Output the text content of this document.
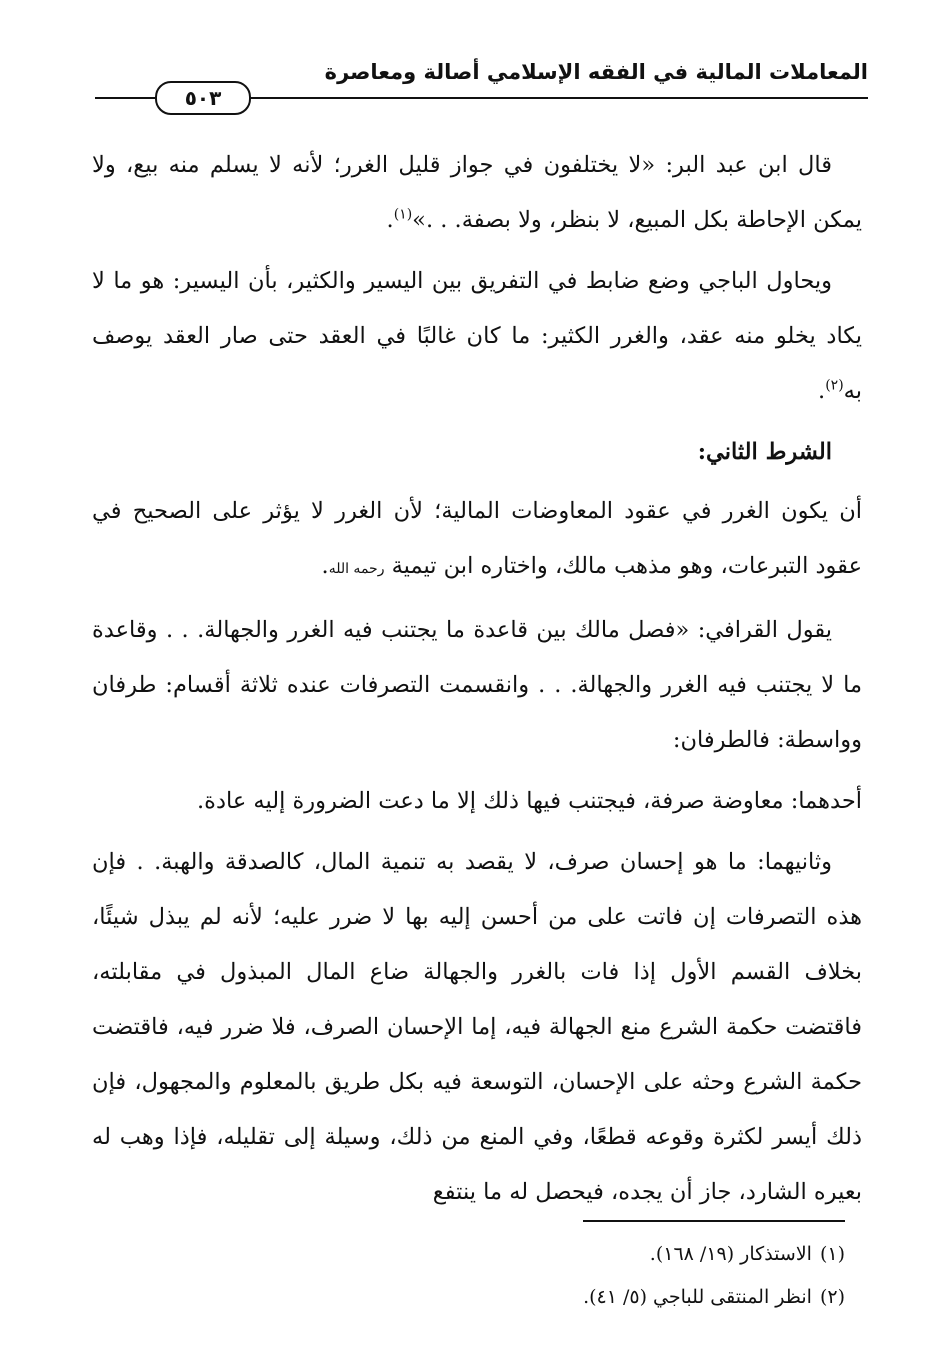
المعاملات المالية في الفقه الإسلامي أصالة ومعاصرة
٥٠٣

قال ابن عبد البر: «لا يختلفون في جواز قليل الغرر؛ لأنه لا يسلم منه بيع، ولا يمكن الإحاطة بكل المبيع، لا بنظر، ولا بصفة. . .»$^{(١)}$.

ويحاول الباجي وضع ضابط في التفريق بين اليسير والكثير، بأن اليسير: هو ما لا يكاد يخلو منه عقد، والغرر الكثير: ما كان غالبًا في العقد حتى صار العقد يوصف به$^{(٢)}$.

الشرط الثاني:

أن يكون الغرر في عقود المعاوضات المالية؛ لأن الغرر لا يؤثر على الصحيح في عقود التبرعات، وهو مذهب مالك، واختاره ابن تيمية رحمه الله.

يقول القرافي: «فصل مالك بين قاعدة ما يجتنب فيه الغرر والجهالة. . . وقاعدة ما لا يجتنب فيه الغرر والجهالة. . . وانقسمت التصرفات عنده ثلاثة أقسام: طرفان وواسطة: فالطرفان:

أحدهما: معاوضة صرفة، فيجتنب فيها ذلك إلا ما دعت الضرورة إليه عادة.

وثانيهما: ما هو إحسان صرف، لا يقصد به تنمية المال، كالصدقة والهبة. . فإن هذه التصرفات إن فاتت على من أحسن إليه بها لا ضرر عليه؛ لأنه لم يبذل شيئًا، بخلاف القسم الأول إذا فات بالغرر والجهالة ضاع المال المبذول في مقابلته، فاقتضت حكمة الشرع منع الجهالة فيه، إما الإحسان الصرف، فلا ضرر فيه، فاقتضت حكمة الشرع وحثه على الإحسان، التوسعة فيه بكل طريق بالمعلوم والمجهول، فإن ذلك أيسر لكثرة وقوعه قطعًا، وفي المنع من ذلك، وسيلة إلى تقليله، فإذا وهب له بعيره الشارد، جاز أن يجده، فيحصل له ما ينتفع

(١)الاستذكار (١٩/ ١٦٨).

(٢)انظر المنتقى للباجي (٥/ ٤١).
